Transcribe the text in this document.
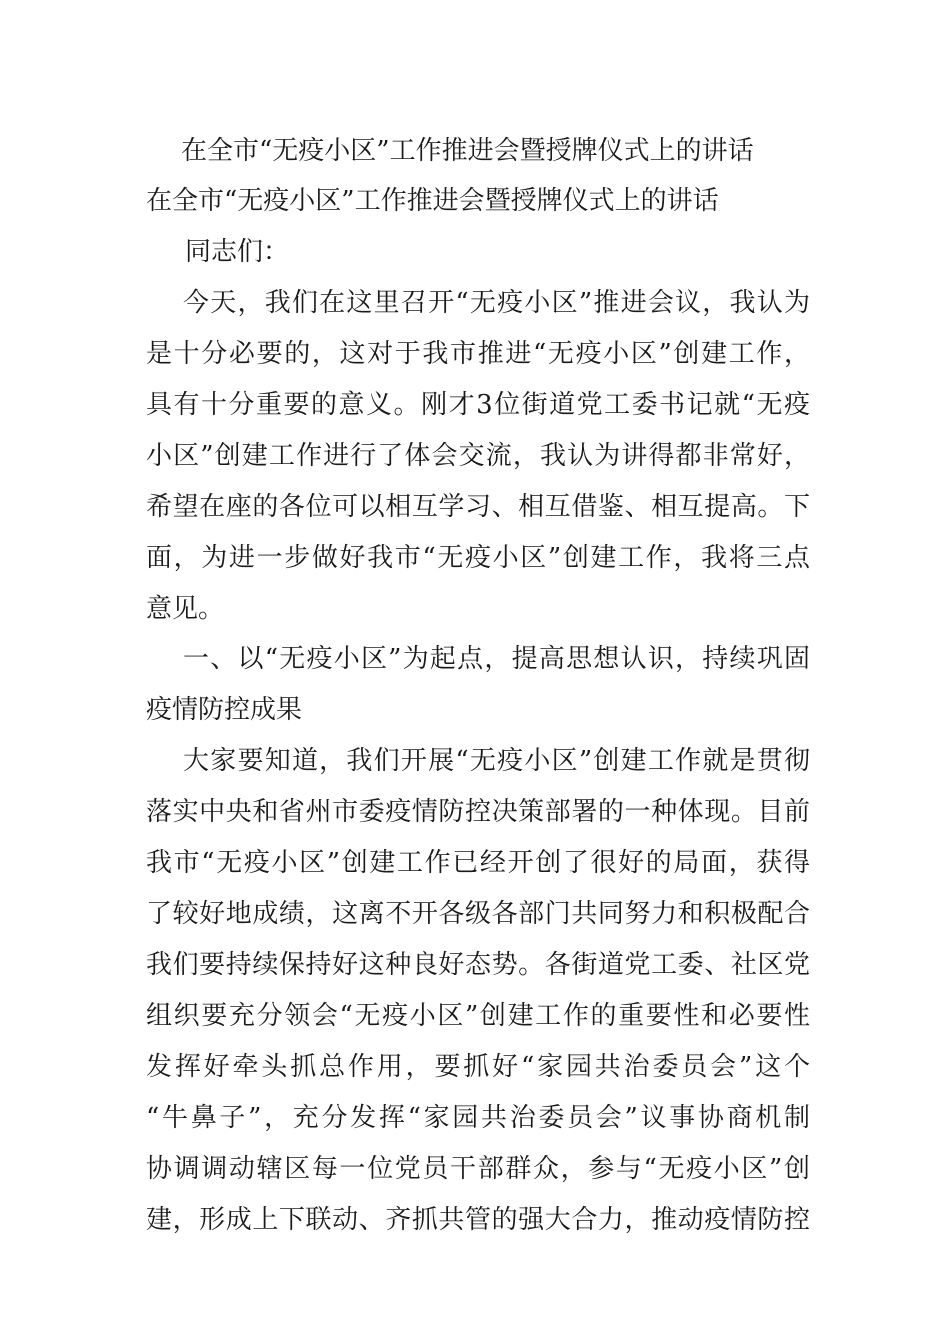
在全市“无疫小区”工作推进会暨授牌仪式上的讲话
在全市“无疫小区”工作推进会暨授牌仪式上的讲话
同志们：
今天，我们在这里召开“无疫小区”推进会议，我认为
是十分必要的，这对于我市推进“无疫小区”创建工作，
具有十分重要的意义。刚才3位街道党工委书记就“无疫
小区”创建工作进行了体会交流，我认为讲得都非常好，
希望在座的各位可以相互学习、相互借鉴、相互提高。下
面，为进一步做好我市“无疫小区”创建工作，我将三点
意见。
一、以“无疫小区”为起点，提高思想认识，持续巩固
疫情防控成果
大家要知道，我们开展“无疫小区”创建工作就是贯彻
落实中央和省州市委疫情防控决策部署的一种体现。目前
我市“无疫小区”创建工作已经开创了很好的局面，获得
了较好地成绩，这离不开各级各部门共同努力和积极配合
我们要持续保持好这种良好态势。各街道党工委、社区党
组织要充分领会“无疫小区”创建工作的重要性和必要性
发挥好牵头抓总作用，要抓好“家园共治委员会”这个
“牛鼻子”，充分发挥“家园共治委员会”议事协商机制
协调调动辖区每一位党员干部群众，参与“无疫小区”创
建，形成上下联动、齐抓共管的强大合力，推动疫情防控
